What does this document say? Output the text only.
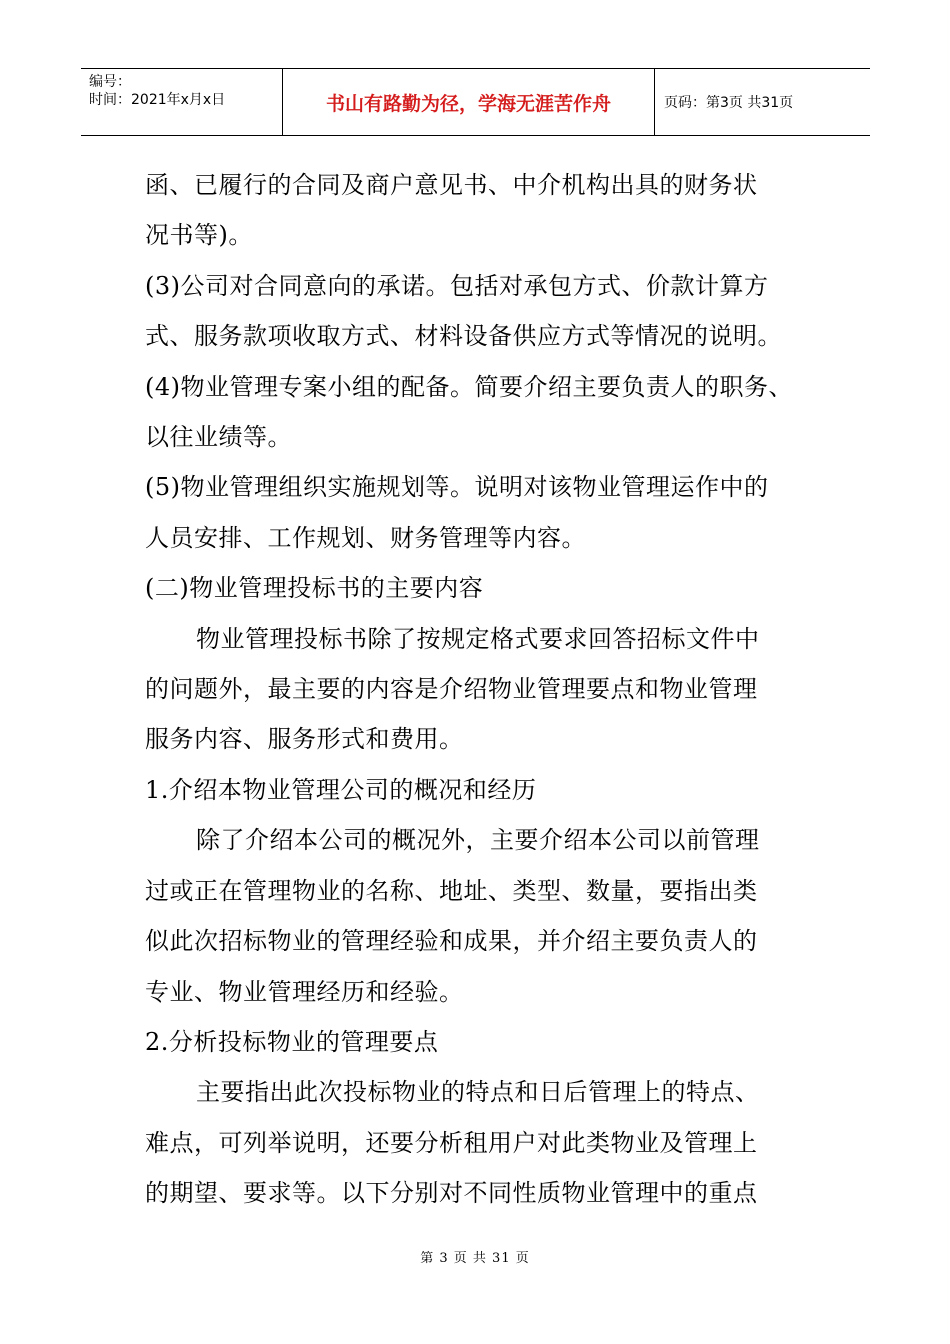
编号：
时间：2021年x月x日	书山有路勤为径，学海无涯苦作舟	页码：第3页 共31页
函、已履行的合同及商户意见书、中介机构出具的财务状
况书等)。
(3)公司对合同意向的承诺。包括对承包方式、价款计算方
式、服务款项收取方式、材料设备供应方式等情况的说明。
(4)物业管理专案小组的配备。简要介绍主要负责人的职务、
以往业绩等。
(5)物业管理组织实施规划等。说明对该物业管理运作中的
人员安排、工作规划、财务管理等内容。
(二)物业管理投标书的主要内容
物业管理投标书除了按规定格式要求回答招标文件中
的问题外，最主要的内容是介绍物业管理要点和物业管理
服务内容、服务形式和费用。
1.介绍本物业管理公司的概况和经历
除了介绍本公司的概况外，主要介绍本公司以前管理
过或正在管理物业的名称、地址、类型、数量，要指出类
似此次招标物业的管理经验和成果，并介绍主要负责人的
专业、物业管理经历和经验。
2.分析投标物业的管理要点
主要指出此次投标物业的特点和日后管理上的特点、
难点，可列举说明，还要分析租用户对此类物业及管理上
的期望、要求等。以下分别对不同性质物业管理中的重点
第 3 页 共 31 页
